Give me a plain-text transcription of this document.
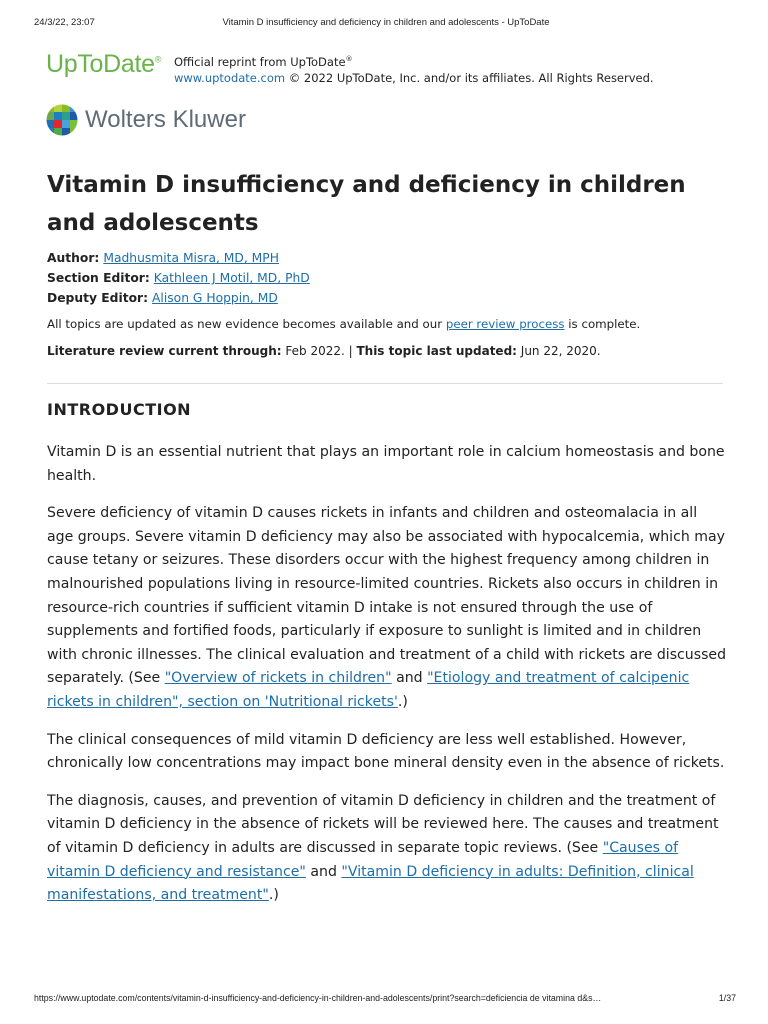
24/3/22, 23:07	Vitamin D insufficiency and deficiency in children and adolescents - UpToDate
UpToDate® Official reprint from UpToDate®
www.uptodate.com © 2022 UpToDate, Inc. and/or its affiliates. All Rights Reserved.
Wolters Kluwer
Vitamin D insufficiency and deficiency in children and adolescents
Author: Madhusmita Misra, MD, MPH
Section Editor: Kathleen J Motil, MD, PhD
Deputy Editor: Alison G Hoppin, MD
All topics are updated as new evidence becomes available and our peer review process is complete.
Literature review current through: Feb 2022. | This topic last updated: Jun 22, 2020.
INTRODUCTION

Vitamin D is an essential nutrient that plays an important role in calcium homeostasis and bone health.

Severe deficiency of vitamin D causes rickets in infants and children and osteomalacia in all age groups. Severe vitamin D deficiency may also be associated with hypocalcemia, which may cause tetany or seizures. These disorders occur with the highest frequency among children in malnourished populations living in resource-limited countries. Rickets also occurs in children in resource-rich countries if sufficient vitamin D intake is not ensured through the use of supplements and fortified foods, particularly if exposure to sunlight is limited and in children with chronic illnesses. The clinical evaluation and treatment of a child with rickets are discussed separately. (See "Overview of rickets in children" and "Etiology and treatment of calcipenic rickets in children", section on 'Nutritional rickets'.)

The clinical consequences of mild vitamin D deficiency are less well established. However, chronically low concentrations may impact bone mineral density even in the absence of rickets.

The diagnosis, causes, and prevention of vitamin D deficiency in children and the treatment of vitamin D deficiency in the absence of rickets will be reviewed here. The causes and treatment of vitamin D deficiency in adults are discussed in separate topic reviews. (See "Causes of vitamin D deficiency and resistance" and "Vitamin D deficiency in adults: Definition, clinical manifestations, and treatment".)

https://www.uptodate.com/contents/vitamin-d-insufficiency-and-deficiency-in-children-and-adolescents/print?search=deficiencia de vitamina d&s…	1/37
